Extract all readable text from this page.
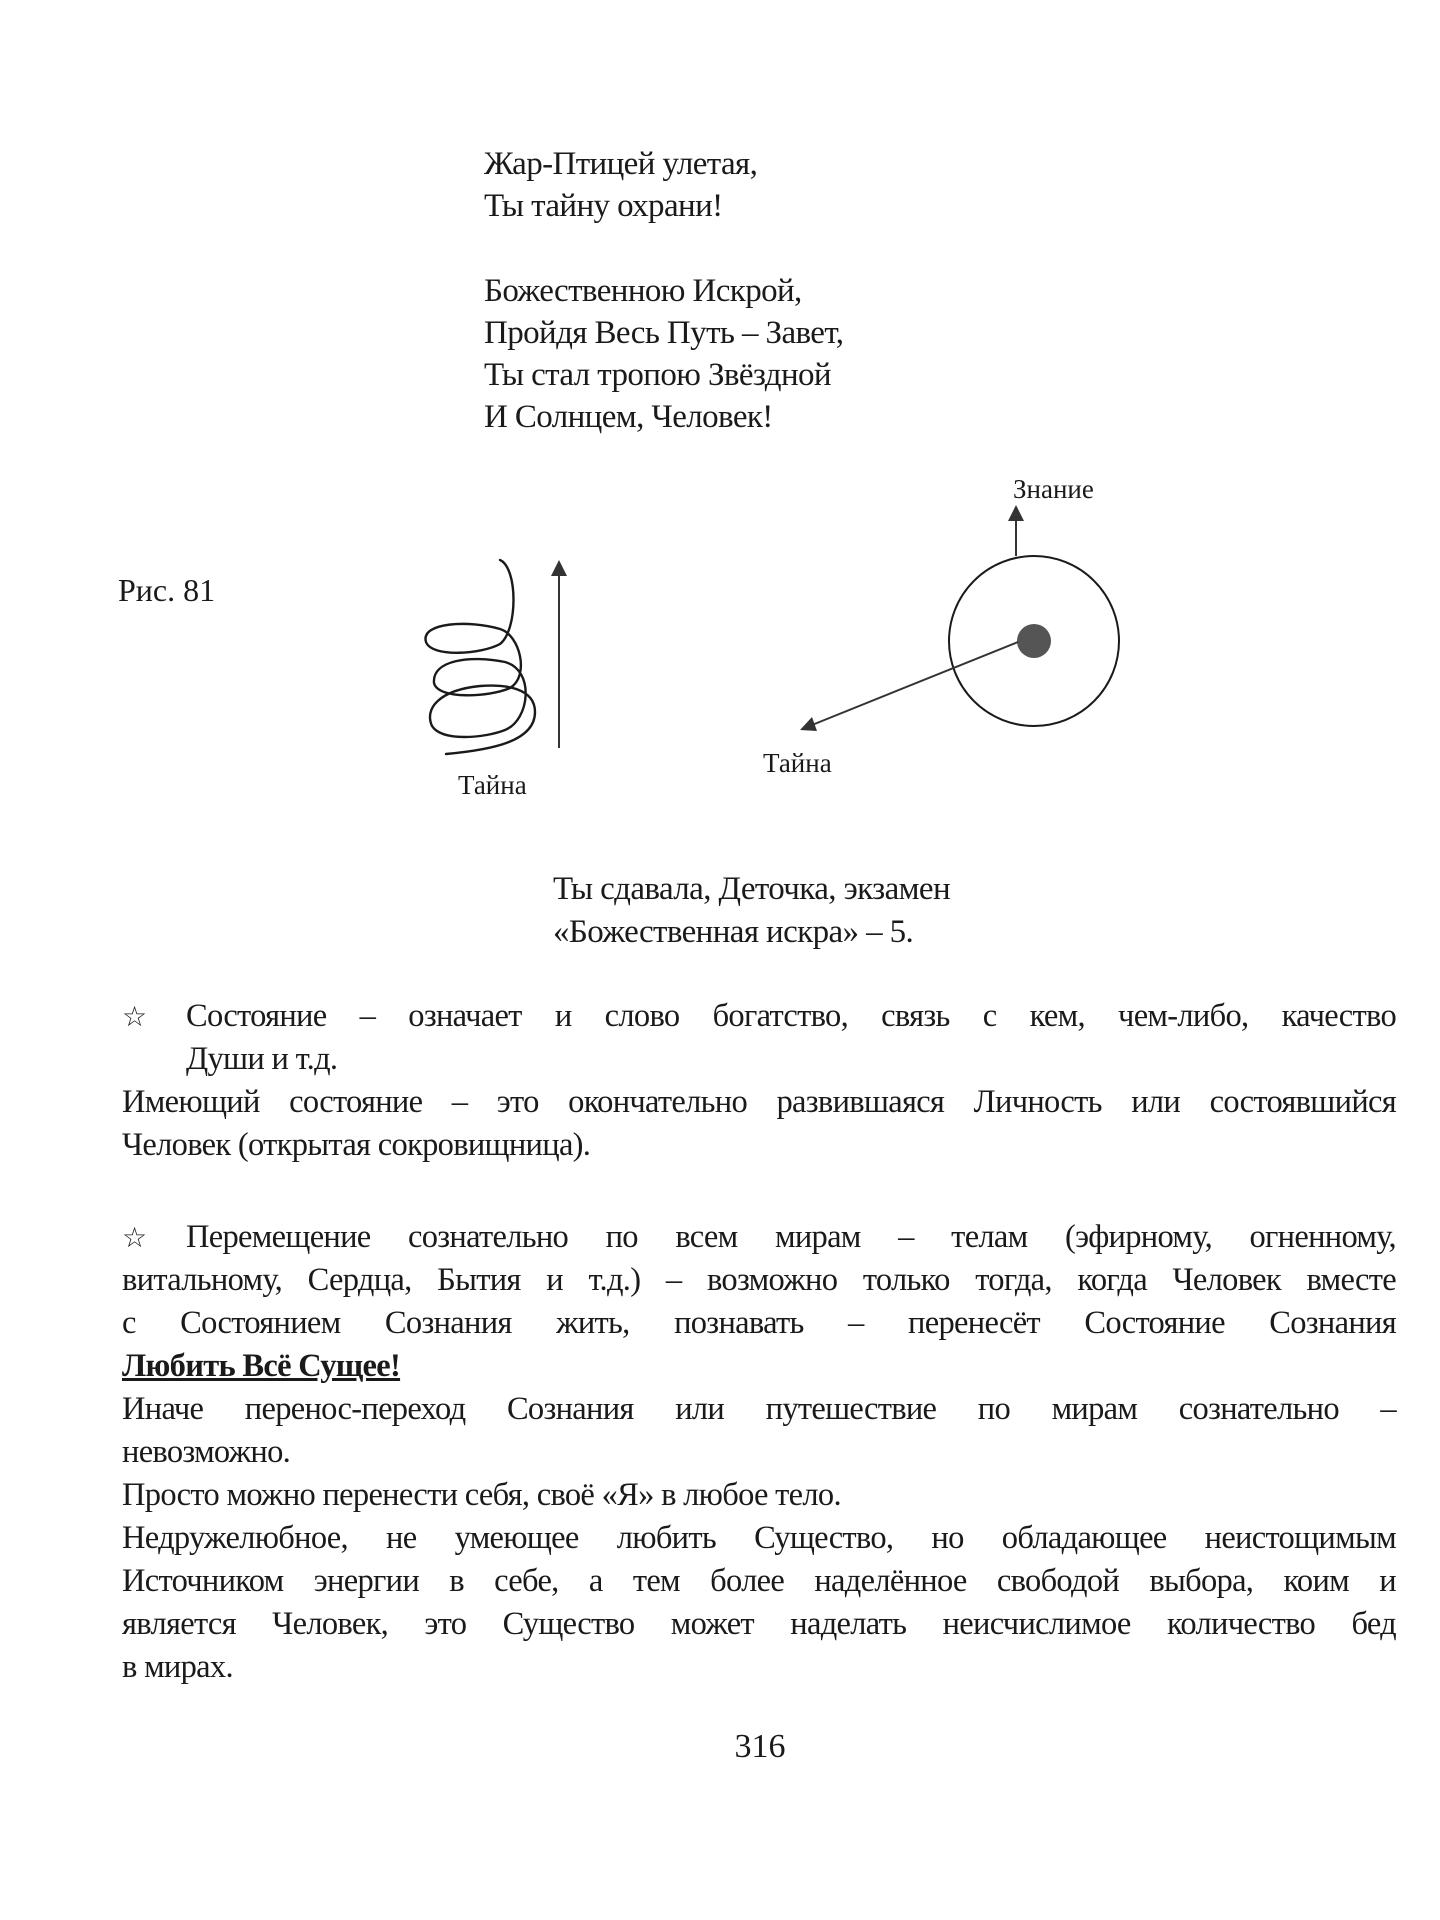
Жар-Птицей улетая,
Ты тайну охрани!
Божественною Искрой,
Пройдя Весь Путь – Завет,
Ты стал тропою Звёздной
И Солнцем, Человек!
Рис. 81
Тайна
Знание
Тайна
Ты сдавала, Деточка, экзамен
«Божественная искра» – 5.
☆ Состояние – означает и слово богатство, связь с кем, чем-либо, качество
Души и т.д.
Имеющий состояние – это окончательно развившаяся Личность или состоявшийся
Человек (открытая сокровищница).
☆ Перемещение сознательно по всем мирам – телам (эфирному, огненному,
витальному, Сердца, Бытия и т.д.) – возможно только тогда, когда Человек вместе
с Состоянием Сознания жить, познавать – перенесёт Состояние Сознания
Любить Всё Сущее!
Иначе перенос-переход Сознания или путешествие по мирам сознательно –
невозможно.
Просто можно перенести себя, своё «Я» в любое тело.
Недружелюбное, не умеющее любить Существо, но обладающее неистощимым
Источником энергии в себе, а тем более наделённое свободой выбора, коим и
является Человек, это Существо может наделать неисчислимое количество бед
в мирах.
316
